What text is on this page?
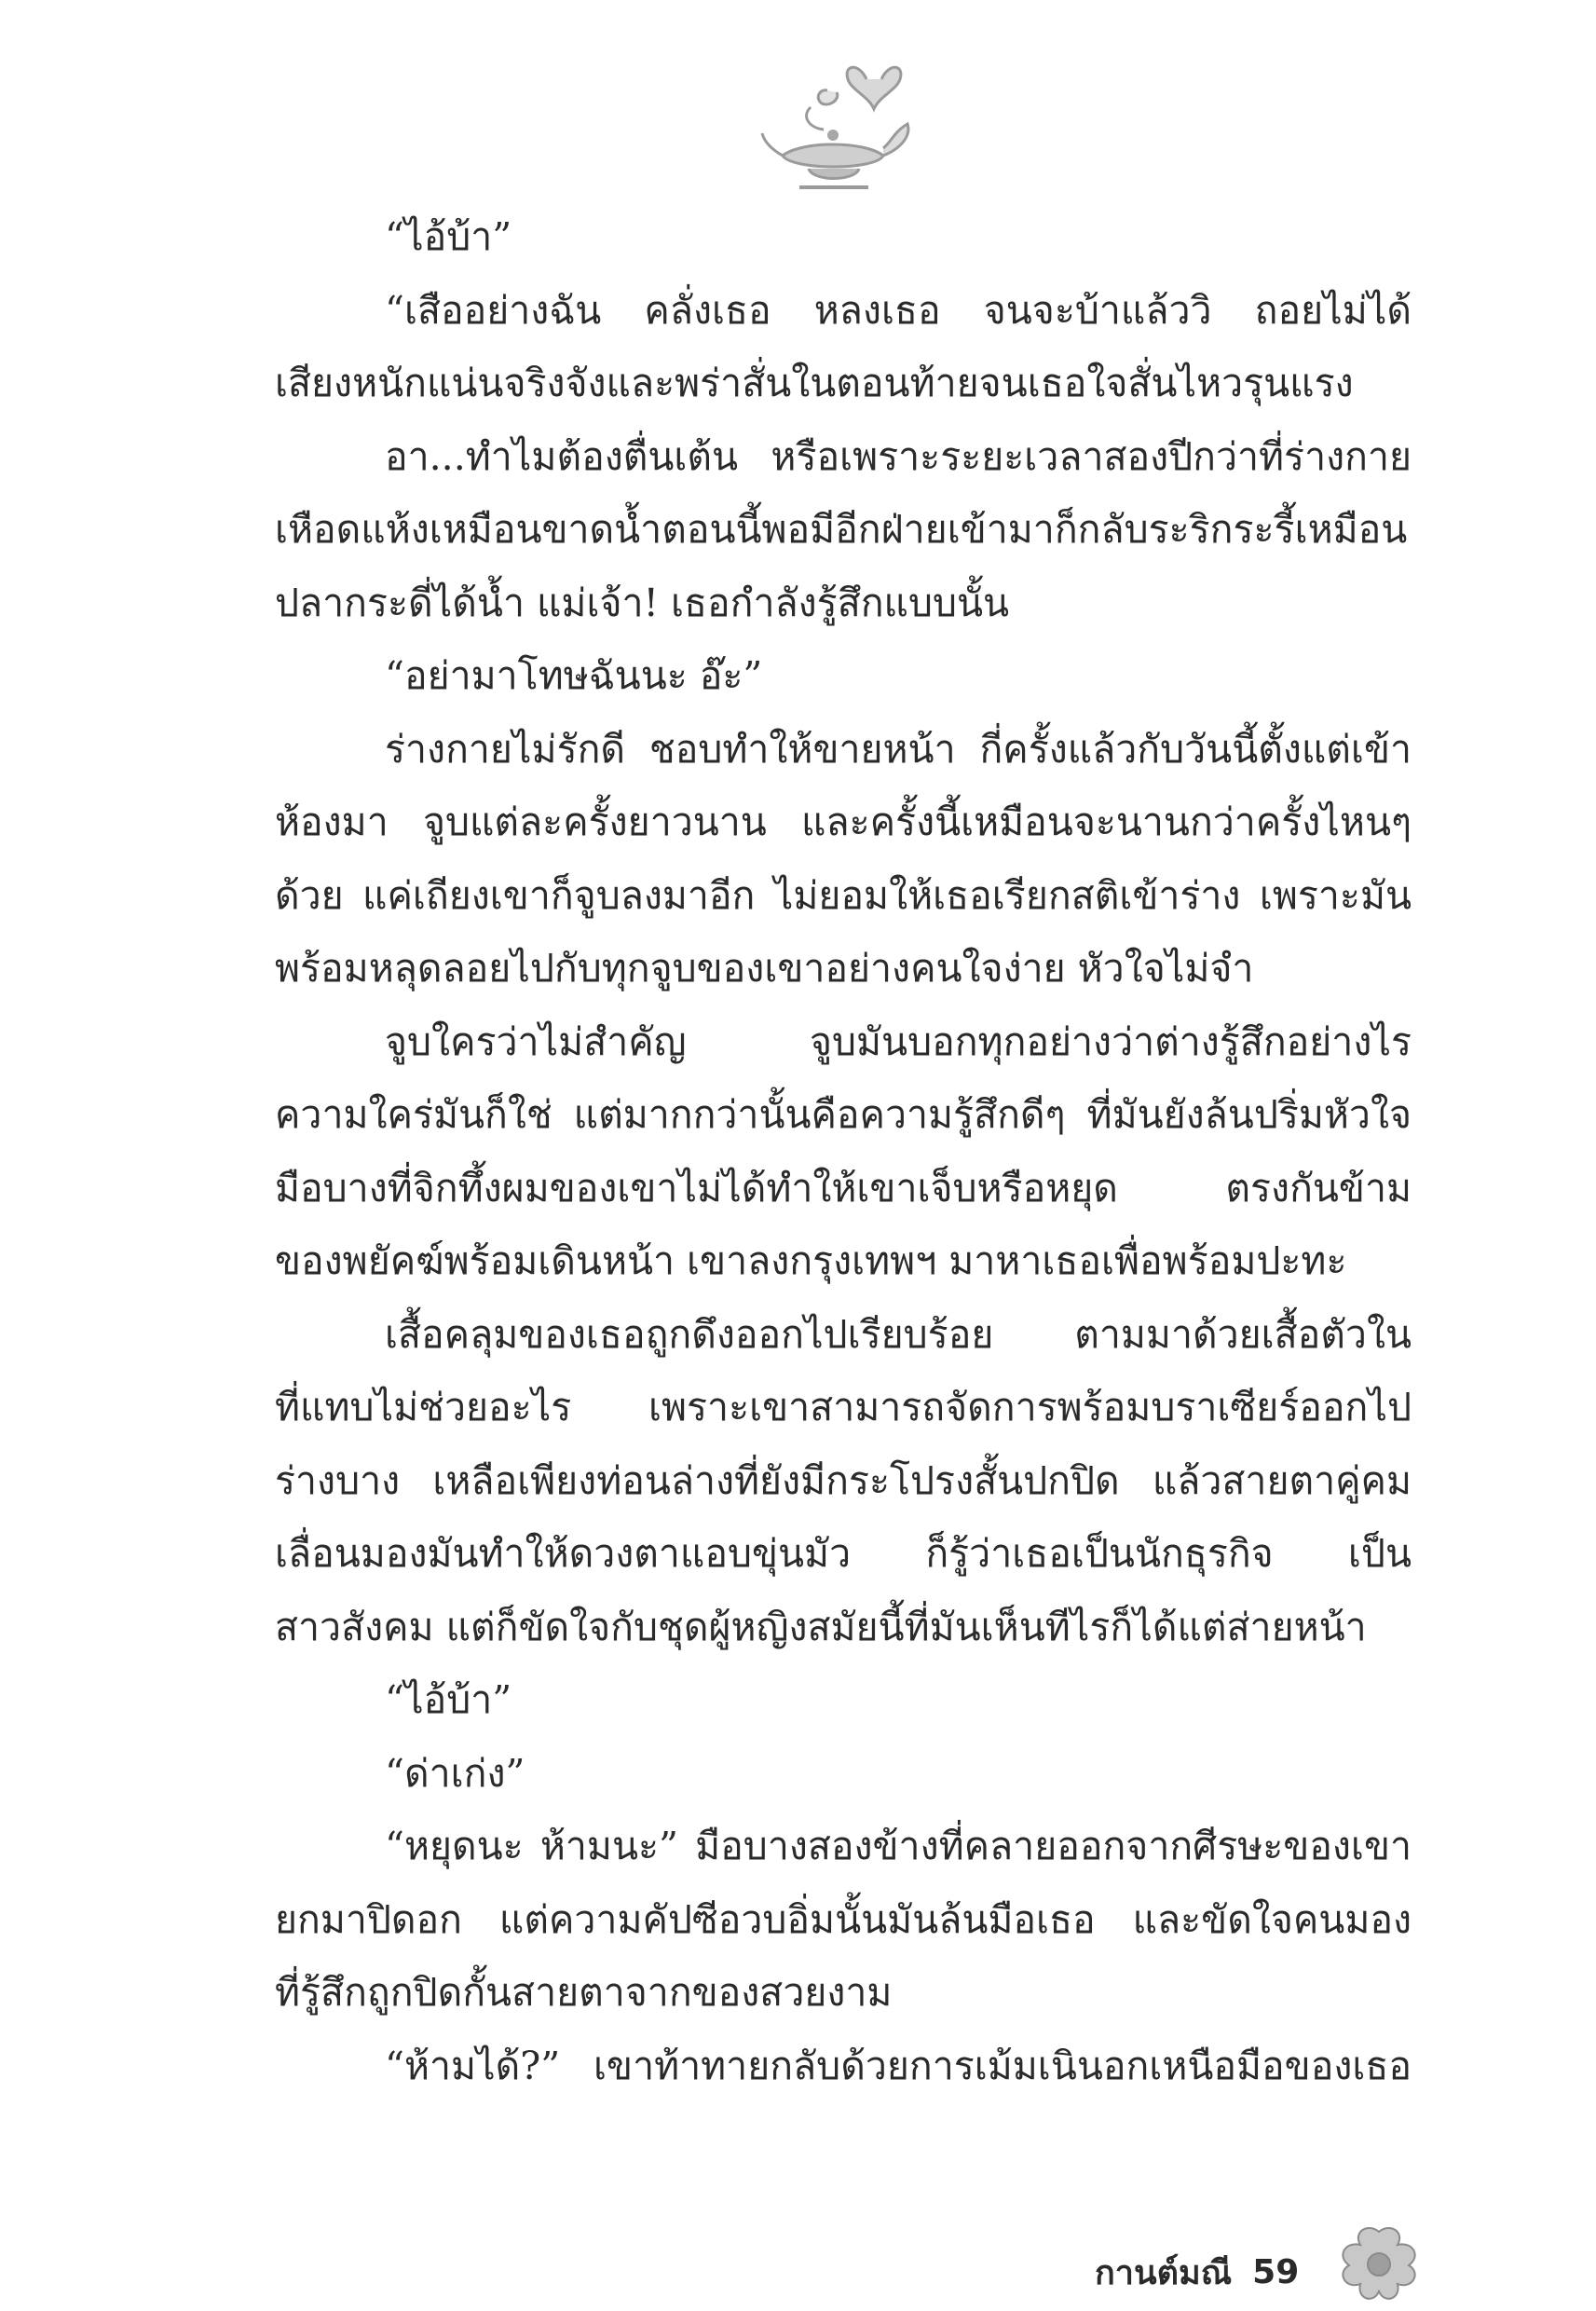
“ไอ้บ้า”
“เสืออย่างฉัน คลั่งเธอ หลงเธอ จนจะบ้าแล้ววิ ถอยไม่ได้
เสียงหนักแน่นจริงจังและพร่าสั่นในตอนท้ายจนเธอใจสั่นไหวรุนแรง
อา...ทำไมต้องตื่นเต้น หรือเพราะระยะเวลาสองปีกว่าที่ร่างกาย
เหือดแห้งเหมือนขาดน้ำตอนนี้พอมีอีกฝ่ายเข้ามาก็กลับระริกระรี้เหมือน
ปลากระดี่ได้น้ำ แม่เจ้า! เธอกำลังรู้สึกแบบนั้น
“อย่ามาโทษฉันนะ อ๊ะ”
ร่างกายไม่รักดี ชอบทำให้ขายหน้า กี่ครั้งแล้วกับวันนี้ตั้งแต่เข้า
ห้องมา จูบแต่ละครั้งยาวนาน และครั้งนี้เหมือนจะนานกว่าครั้งไหนๆ
ด้วย แค่เถียงเขาก็จูบลงมาอีก ไม่ยอมให้เธอเรียกสติเข้าร่าง เพราะมัน
พร้อมหลุดลอยไปกับทุกจูบของเขาอย่างคนใจง่าย หัวใจไม่จำ
จูบใครว่าไม่สำคัญ จูบมันบอกทุกอย่างว่าต่างรู้สึกอย่างไร
ความใคร่มันก็ใช่ แต่มากกว่านั้นคือความรู้สึกดีๆ ที่มันยังล้นปริ่มหัวใจ
มือบางที่จิกทึ้งผมของเขาไม่ได้ทำให้เขาเจ็บหรือหยุด ตรงกันข้าม
ของพยัคฆ์พร้อมเดินหน้า เขาลงกรุงเทพฯ มาหาเธอเพื่อพร้อมปะทะ
เสื้อคลุมของเธอถูกดึงออกไปเรียบร้อย ตามมาด้วยเสื้อตัวใน
ที่แทบไม่ช่วยอะไร เพราะเขาสามารถจัดการพร้อมบราเซียร์ออกไป
ร่างบาง เหลือเพียงท่อนล่างที่ยังมีกระโปรงสั้นปกปิด แล้วสายตาคู่คม
เลื่อนมองมันทำให้ดวงตาแอบขุ่นมัว ก็รู้ว่าเธอเป็นนักธุรกิจ เป็น
สาวสังคม แต่ก็ขัดใจกับชุดผู้หญิงสมัยนี้ที่มันเห็นทีไรก็ได้แต่ส่ายหน้า
“ไอ้บ้า”
“ด่าเก่ง”
“หยุดนะ ห้ามนะ” มือบางสองข้างที่คลายออกจากศีรษะของเขา
ยกมาปิดอก แต่ความคัปซีอวบอิ่มนั้นมันล้นมือเธอ และขัดใจคนมอง
ที่รู้สึกถูกปิดกั้นสายตาจากของสวยงาม
“ห้ามได้?” เขาท้าทายกลับด้วยการเม้มเนินอกเหนือมือของเธอ
กานต์มณี 59
